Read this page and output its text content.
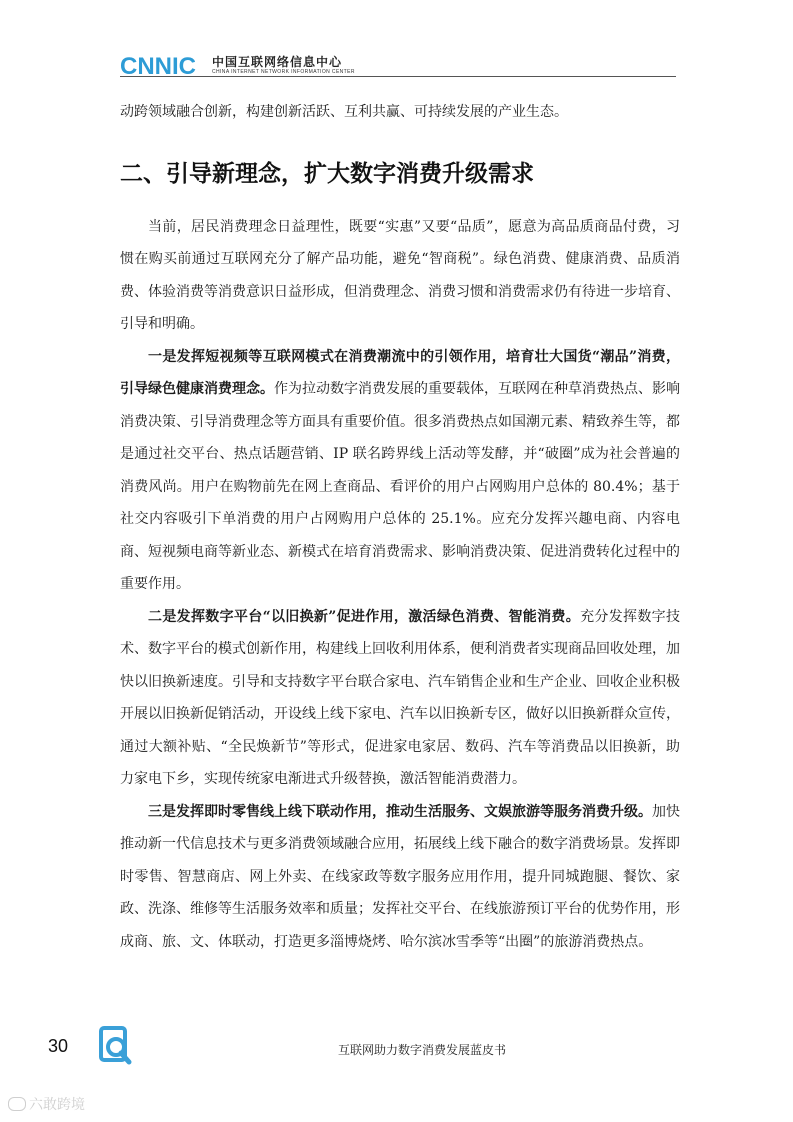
CNNIC 中国互联网络信息中心
CHINA INTERNET NETWORK INFORMATION CENTER

动跨领域融合创新，构建创新活跃、互利共赢、可持续发展的产业生态。

二、引导新理念，扩大数字消费升级需求

当前，居民消费理念日益理性，既要“实惠”又要“品质”，愿意为高品质商品付费，习惯在购买前通过互联网充分了解产品功能，避免“智商税”。绿色消费、健康消费、品质消费、体验消费等消费意识日益形成，但消费理念、消费习惯和消费需求仍有待进一步培育、引导和明确。

一是发挥短视频等互联网模式在消费潮流中的引领作用，培育壮大国货“潮品”消费，引导绿色健康消费理念。作为拉动数字消费发展的重要载体，互联网在种草消费热点、影响消费决策、引导消费理念等方面具有重要价值。很多消费热点如国潮元素、精致养生等，都是通过社交平台、热点话题营销、IP 联名跨界线上活动等发酵，并“破圈”成为社会普遍的消费风尚。用户在购物前先在网上查商品、看评价的用户占网购用户总体的 80.4%；基于社交内容吸引下单消费的用户占网购用户总体的 25.1%。应充分发挥兴趣电商、内容电商、短视频电商等新业态、新模式在培育消费需求、影响消费决策、促进消费转化过程中的重要作用。

二是发挥数字平台“以旧换新”促进作用，激活绿色消费、智能消费。充分发挥数字技术、数字平台的模式创新作用，构建线上回收利用体系，便利消费者实现商品回收处理，加快以旧换新速度。引导和支持数字平台联合家电、汽车销售企业和生产企业、回收企业积极开展以旧换新促销活动，开设线上线下家电、汽车以旧换新专区，做好以旧换新群众宣传，通过大额补贴、“全民焕新节”等形式，促进家电家居、数码、汽车等消费品以旧换新，助力家电下乡，实现传统家电渐进式升级替换，激活智能消费潜力。

三是发挥即时零售线上线下联动作用，推动生活服务、文娱旅游等服务消费升级。加快推动新一代信息技术与更多消费领域融合应用，拓展线上线下融合的数字消费场景。发挥即时零售、智慧商店、网上外卖、在线家政等数字服务应用作用，提升同城跑腿、餐饮、家政、洗涤、维修等生活服务效率和质量；发挥社交平台、在线旅游预订平台的优势作用，形成商、旅、文、体联动，打造更多淄博烧烤、哈尔滨冰雪季等“出圈”的旅游消费热点。

30	互联网助力数字消费发展蓝皮书
六敢跨境
